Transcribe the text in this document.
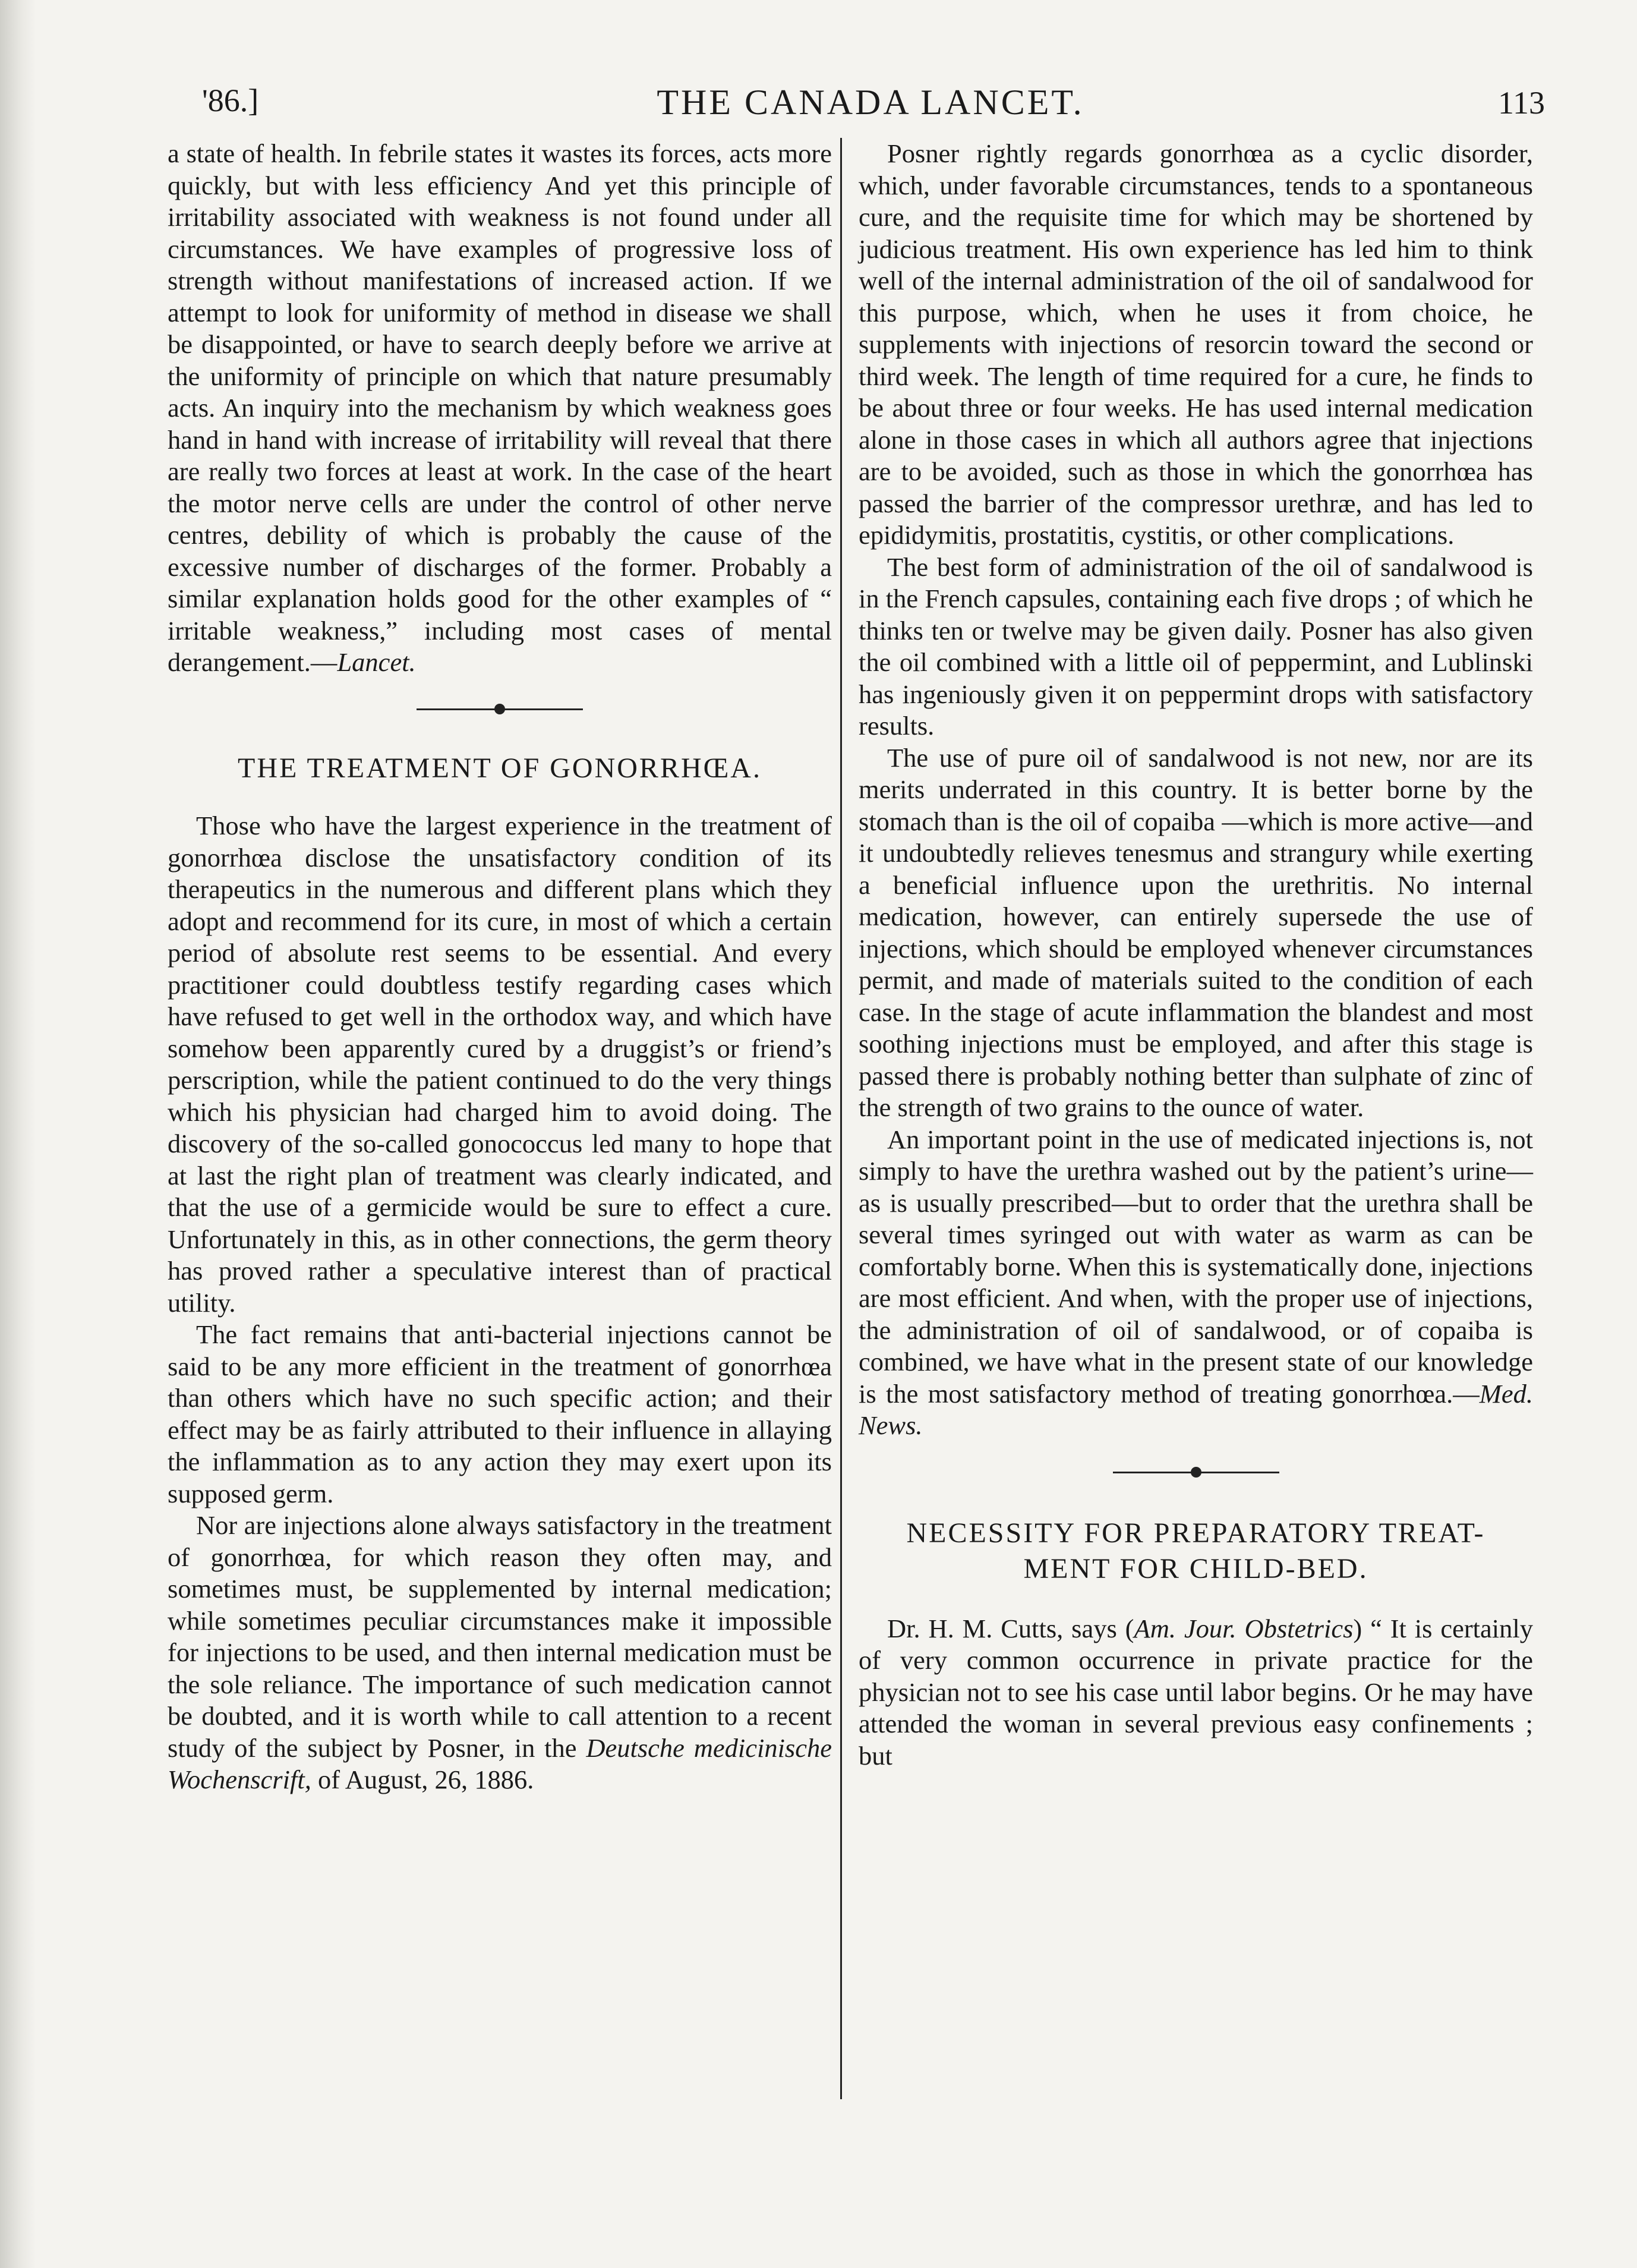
'86.]	THE CANADA LANCET.	113

a state of health. In febrile states it wastes its forces, acts more quickly, but with less efficiency And yet this principle of irritability associated with weakness is not found under all circumstances. We have examples of progressive loss of strength without manifestations of increased action. If we attempt to look for uniformity of method in disease we shall be disappointed, or have to search deeply before we arrive at the uniformity of principle on which that nature presumably acts. An inquiry into the mechanism by which weakness goes hand in hand with increase of irritability will reveal that there are really two forces at least at work. In the case of the heart the motor nerve cells are under the control of other nerve centres, debility of which is probably the cause of the excessive number of discharges of the former. Probably a similar explanation holds good for the other examples of “ irritable weakness,” including most cases of mental derangement.—Lancet.

THE TREATMENT OF GONORRHŒA.

Those who have the largest experience in the treatment of gonorrhœa disclose the unsatisfactory condition of its therapeutics in the numerous and different plans which they adopt and recommend for its cure, in most of which a certain period of absolute rest seems to be essential. And every practitioner could doubtless testify regarding cases which have refused to get well in the orthodox way, and which have somehow been apparently cured by a druggist’s or friend’s perscription, while the patient continued to do the very things which his physician had charged him to avoid doing. The discovery of the so-called gonococcus led many to hope that at last the right plan of treatment was clearly indicated, and that the use of a germicide would be sure to effect a cure. Unfortunately in this, as in other connections, the germ theory has proved rather a speculative interest than of practical utility.

The fact remains that anti-bacterial injections cannot be said to be any more efficient in the treatment of gonorrhœa than others which have no such specific action; and their effect may be as fairly attributed to their influence in allaying the inflammation as to any action they may exert upon its supposed germ.

Nor are injections alone always satisfactory in the treatment of gonorrhœa, for which reason they often may, and sometimes must, be supplemented by internal medication; while sometimes peculiar circumstances make it impossible for injections to be used, and then internal medication must be the sole reliance. The importance of such medication cannot be doubted, and it is worth while to call attention to a recent study of the subject by Posner, in the Deutsche medicinische Wochenscrift, of August, 26, 1886.

Posner rightly regards gonorrhœa as a cyclic disorder, which, under favorable circumstances, tends to a spontaneous cure, and the requisite time for which may be shortened by judicious treatment. His own experience has led him to think well of the internal administration of the oil of sandalwood for this purpose, which, when he uses it from choice, he supplements with injections of resorcin toward the second or third week. The length of time required for a cure, he finds to be about three or four weeks. He has used internal medication alone in those cases in which all authors agree that injections are to be avoided, such as those in which the gonorrhœa has passed the barrier of the compressor urethræ, and has led to epididymitis, prostatitis, cystitis, or other complications.

The best form of administration of the oil of sandalwood is in the French capsules, containing each five drops ; of which he thinks ten or twelve may be given daily. Posner has also given the oil combined with a little oil of peppermint, and Lublinski has ingeniously given it on peppermint drops with satisfactory results.

The use of pure oil of sandalwood is not new, nor are its merits underrated in this country. It is better borne by the stomach than is the oil of copaiba —which is more active—and it undoubtedly relieves tenesmus and strangury while exerting a beneficial influence upon the urethritis. No internal medication, however, can entirely supersede the use of injections, which should be employed whenever circumstances permit, and made of materials suited to the condition of each case. In the stage of acute inflammation the blandest and most soothing injections must be employed, and after this stage is passed there is probably nothing better than sulphate of zinc of the strength of two grains to the ounce of water.

An important point in the use of medicated injections is, not simply to have the urethra washed out by the patient’s urine—as is usually prescribed—but to order that the urethra shall be several times syringed out with water as warm as can be comfortably borne. When this is systematically done, injections are most efficient. And when, with the proper use of injections, the administration of oil of sandalwood, or of copaiba is combined, we have what in the present state of our knowledge is the most satisfactory method of treating gonorrhœa.—Med. News.

NECESSITY FOR PREPARATORY TREAT-
MENT FOR CHILD-BED.

Dr. H. M. Cutts, says (Am. Jour. Obstetrics) “ It is certainly of very common occurrence in private practice for the physician not to see his case until labor begins. Or he may have attended the woman in several previous easy confinements ; but
